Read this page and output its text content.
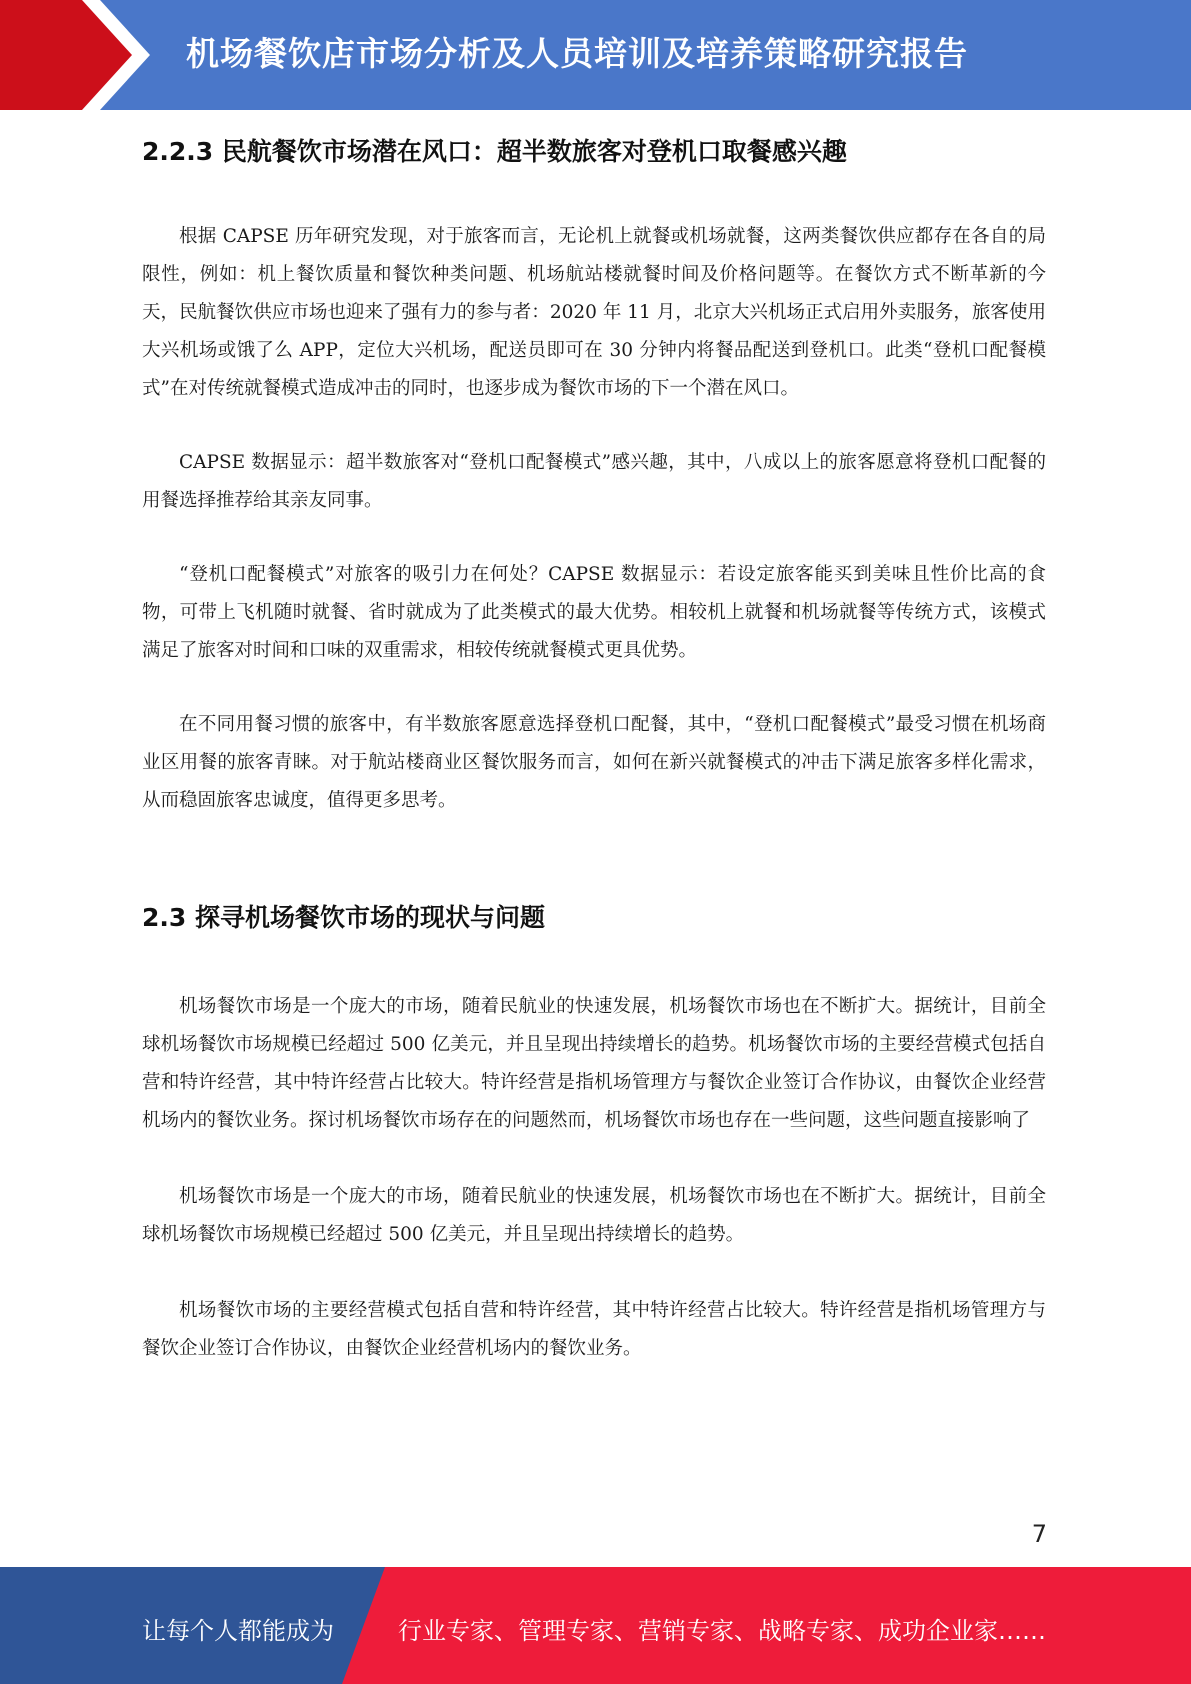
机场餐饮店市场分析及人员培训及培养策略研究报告
2.2.3 民航餐饮市场潜在风口：超半数旅客对登机口取餐感兴趣

根据 CAPSE 历年研究发现，对于旅客而言，无论机上就餐或机场就餐，这两类餐饮供应都存在各自的局限性，例如：机上餐饮质量和餐饮种类问题、机场航站楼就餐时间及价格问题等。在餐饮方式不断革新的今天，民航餐饮供应市场也迎来了强有力的参与者：2020 年 11 月，北京大兴机场正式启用外卖服务，旅客使用大兴机场或饿了么 APP，定位大兴机场，配送员即可在 30 分钟内将餐品配送到登机口。此类“登机口配餐模式”在对传统就餐模式造成冲击的同时，也逐步成为餐饮市场的下一个潜在风口。

CAPSE 数据显示：超半数旅客对“登机口配餐模式”感兴趣，其中，八成以上的旅客愿意将登机口配餐的用餐选择推荐给其亲友同事。

“登机口配餐模式”对旅客的吸引力在何处？CAPSE 数据显示：若设定旅客能买到美味且性价比高的食物，可带上飞机随时就餐、省时就成为了此类模式的最大优势。相较机上就餐和机场就餐等传统方式，该模式满足了旅客对时间和口味的双重需求，相较传统就餐模式更具优势。

在不同用餐习惯的旅客中，有半数旅客愿意选择登机口配餐，其中，“登机口配餐模式”最受习惯在机场商业区用餐的旅客青睐。对于航站楼商业区餐饮服务而言，如何在新兴就餐模式的冲击下满足旅客多样化需求，从而稳固旅客忠诚度，值得更多思考。

2.3 探寻机场餐饮市场的现状与问题

机场餐饮市场是一个庞大的市场，随着民航业的快速发展，机场餐饮市场也在不断扩大。据统计，目前全球机场餐饮市场规模已经超过 500 亿美元，并且呈现出持续增长的趋势。机场餐饮市场的主要经营模式包括自营和特许经营，其中特许经营占比较大。特许经营是指机场管理方与餐饮企业签订合作协议，由餐饮企业经营机场内的餐饮业务。探讨机场餐饮市场存在的问题然而，机场餐饮市场也存在一些问题，这些问题直接影响了

机场餐饮市场是一个庞大的市场，随着民航业的快速发展，机场餐饮市场也在不断扩大。据统计，目前全球机场餐饮市场规模已经超过 500 亿美元，并且呈现出持续增长的趋势。

机场餐饮市场的主要经营模式包括自营和特许经营，其中特许经营占比较大。特许经营是指机场管理方与餐饮企业签订合作协议，由餐饮企业经营机场内的餐饮业务。

7
让每个人都能成为	行业专家、管理专家、营销专家、战略专家、成功企业家……
